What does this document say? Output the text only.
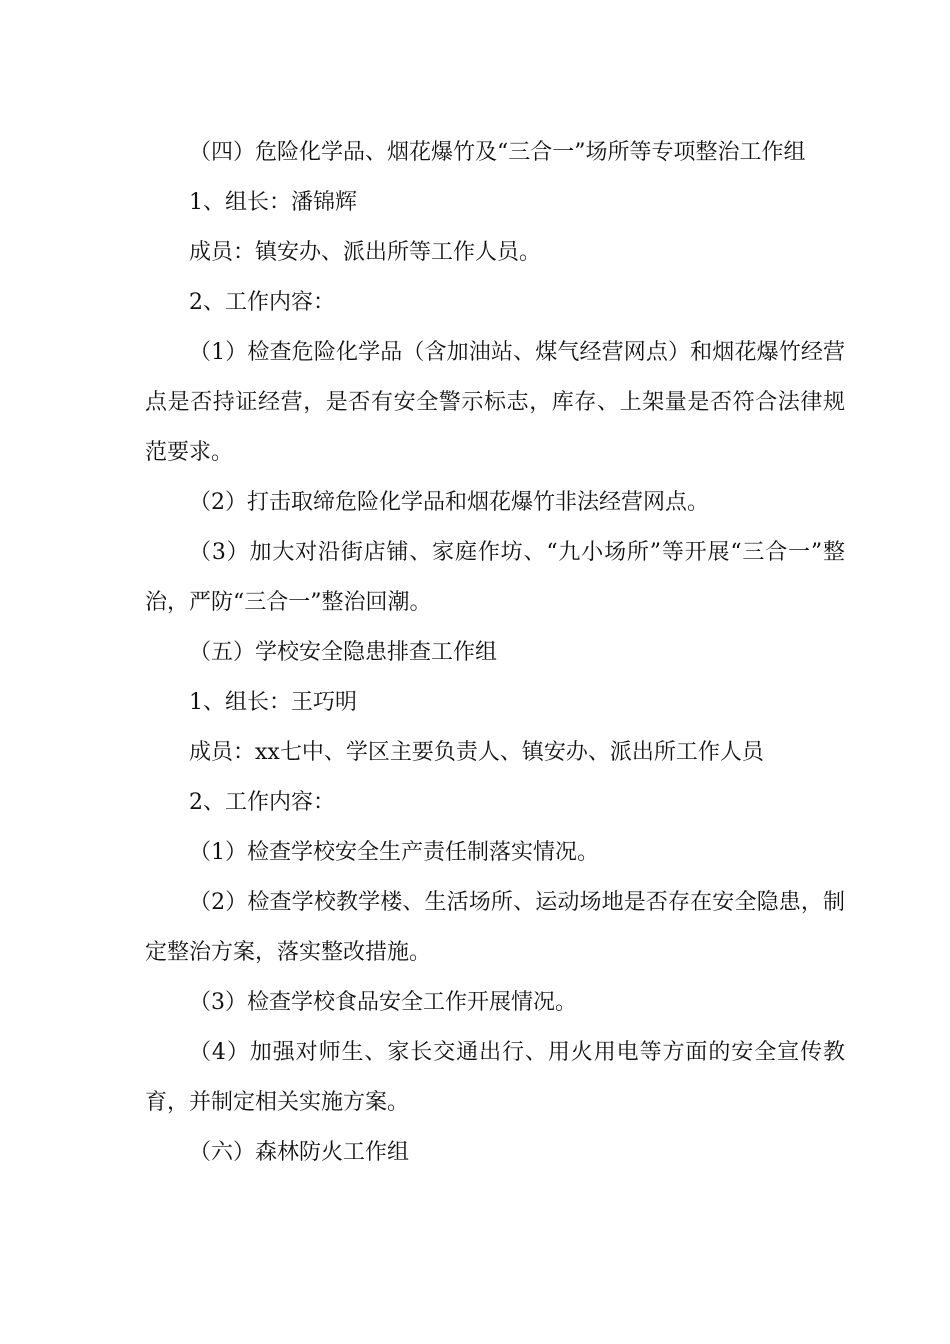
（四）危险化学品、烟花爆竹及“三合一”场所等专项整治工作组

1、组长：潘锦辉

成员：镇安办、派出所等工作人员。

2、工作内容：

（1）检查危险化学品（含加油站、煤气经营网点）和烟花爆竹经营点是否持证经营，是否有安全警示标志，库存、上架量是否符合法律规范要求。

（2）打击取缔危险化学品和烟花爆竹非法经营网点。

（3）加大对沿街店铺、家庭作坊、“九小场所”等开展“三合一”整治，严防“三合一”整治回潮。

（五）学校安全隐患排查工作组

1、组长：王巧明

成员：xx七中、学区主要负责人、镇安办、派出所工作人员

2、工作内容：

（1）检查学校安全生产责任制落实情况。

（2）检查学校教学楼、生活场所、运动场地是否存在安全隐患，制定整治方案，落实整改措施。

（3）检查学校食品安全工作开展情况。

（4）加强对师生、家长交通出行、用火用电等方面的安全宣传教育，并制定相关实施方案。

（六）森林防火工作组
